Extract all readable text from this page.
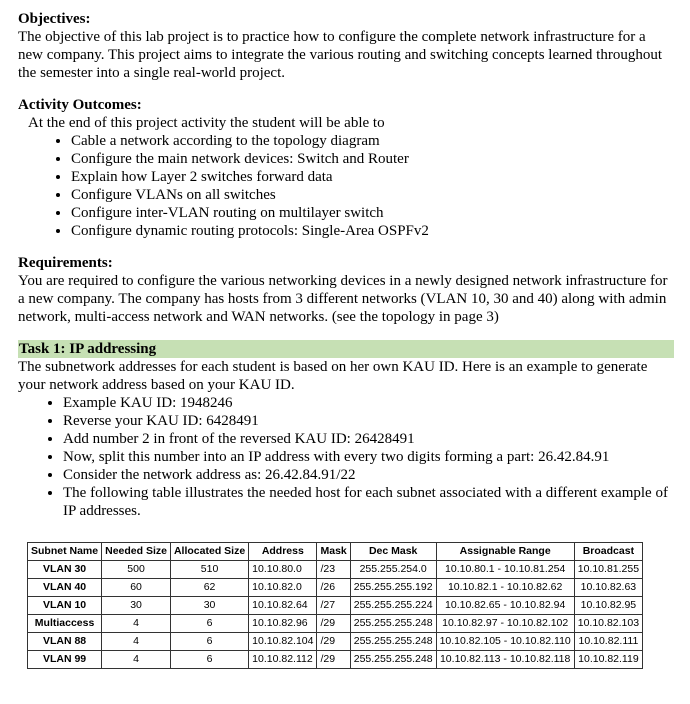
Objectives:

The objective of this lab project is to practice how to configure the complete network infrastructure for a new company. This project aims to integrate the various routing and switching concepts learned throughout the semester into a single real-world project.

Activity Outcomes:

At the end of this project activity the student will be able to

• Cable a network according to the topology diagram
• Configure the main network devices: Switch and Router
• Explain how Layer 2 switches forward data
• Configure VLANs on all switches
• Configure inter-VLAN routing on multilayer switch
• Configure dynamic routing protocols: Single-Area OSPFv2
Requirements:

You are required to configure the various networking devices in a newly designed network infrastructure for a new company. The company has hosts from 3 different networks (VLAN 10, 30 and 40) along with admin network, multi-access network and WAN networks. (see the topology in page 3)

Task 1: IP addressing

The subnetwork addresses for each student is based on her own KAU ID. Here is an example to generate your network address based on your KAU ID.

• Example KAU ID: 1948246
• Reverse your KAU ID: 6428491
• Add number 2 in front of the reversed KAU ID: 26428491
• Now, split this number into an IP address with every two digits forming a part: 26.42.84.91
• Consider the network address as: 26.42.84.91/22
• The following table illustrates the needed host for each subnet associated with a different example of IP addresses.
Subnet Name	Needed Size	Allocated Size	Address	Mask	Dec Mask	Assignable Range	Broadcast
VLAN 30	500	510	10.10.80.0	/23	255.255.254.0	10.10.80.1 - 10.10.81.254	10.10.81.255
VLAN 40	60	62	10.10.82.0	/26	255.255.255.192	10.10.82.1 - 10.10.82.62	10.10.82.63
VLAN 10	30	30	10.10.82.64	/27	255.255.255.224	10.10.82.65 - 10.10.82.94	10.10.82.95
Multiaccess	4	6	10.10.82.96	/29	255.255.255.248	10.10.82.97 - 10.10.82.102	10.10.82.103
VLAN 88	4	6	10.10.82.104	/29	255.255.255.248	10.10.82.105 - 10.10.82.110	10.10.82.111
VLAN 99	4	6	10.10.82.112	/29	255.255.255.248	10.10.82.113 - 10.10.82.118	10.10.82.119
